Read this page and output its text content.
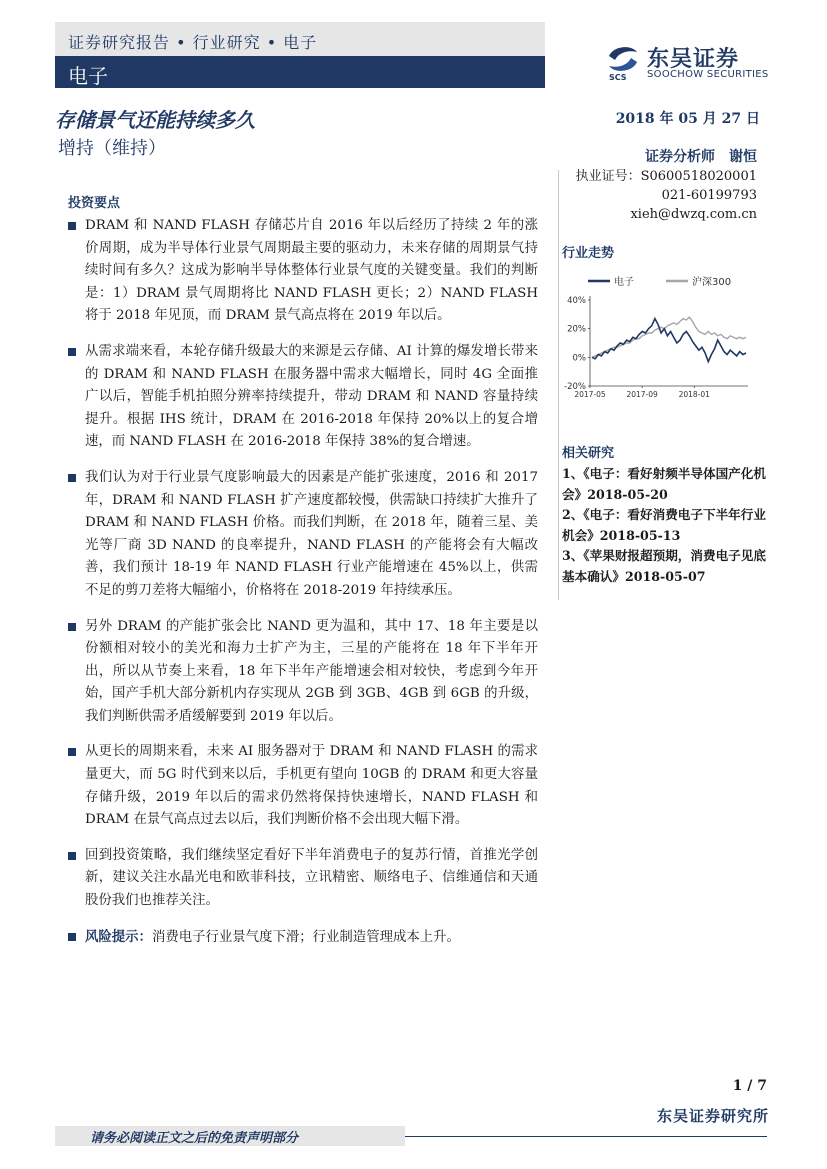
证券研究报告 • 行业研究 • 电子
电子	SCS
东吴证券
SOOCHOW SECURITIES
存储景气还能持续多久
增持（维持）
2018 年 05 月 27 日
证券分析师 谢恒
执业证号：S0600518020001
021-60199793
xieh@dwzq.com.cn
投资要点
DRAM 和 NAND FLASH 存储芯片自 2016 年以后经历了持续 2 年的涨价周期，成为半导体行业景气周期最主要的驱动力，未来存储的周期景气持续时间有多久？这成为影响半导体整体行业景气度的关键变量。我们的判断是：1）DRAM 景气周期将比 NAND FLASH 更长；2）NAND FLASH 将于 2018 年见顶，而 DRAM 景气高点将在 2019 年以后。
从需求端来看，本轮存储升级最大的来源是云存储、AI 计算的爆发增长带来的 DRAM 和 NAND FLASH 在服务器中需求大幅增长，同时 4G 全面推广以后，智能手机拍照分辨率持续提升，带动 DRAM 和 NAND 容量持续提升。根据 IHS 统计，DRAM 在 2016-2018 年保持 20%以上的复合增速，而 NAND FLASH 在 2016-2018 年保持 38%的复合增速。
我们认为对于行业景气度影响最大的因素是产能扩张速度，2016 和 2017 年，DRAM 和 NAND FLASH 扩产速度都较慢，供需缺口持续扩大推升了 DRAM 和 NAND FLASH 价格。而我们判断，在 2018 年，随着三星、美光等厂商 3D NAND 的良率提升，NAND FLASH 的产能将会有大幅改善，我们预计 18-19 年 NAND FLASH 行业产能增速在 45%以上，供需不足的剪刀差将大幅缩小，价格将在 2018-2019 年持续承压。
另外 DRAM 的产能扩张会比 NAND 更为温和，其中 17、18 年主要是以份额相对较小的美光和海力士扩产为主，三星的产能将在 18 年下半年开出，所以从节奏上来看，18 年下半年产能增速会相对较快，考虑到今年开始，国产手机大部分新机内存实现从 2GB 到 3GB、4GB 到 6GB 的升级，我们判断供需矛盾缓解要到 2019 年以后。
从更长的周期来看，未来 AI 服务器对于 DRAM 和 NAND FLASH 的需求量更大，而 5G 时代到来以后，手机更有望向 10GB 的 DRAM 和更大容量存储升级，2019 年以后的需求仍然将保持快速增长，NAND FLASH 和 DRAM 在景气高点过去以后，我们判断价格不会出现大幅下滑。
回到投资策略，我们继续坚定看好下半年消费电子的复苏行情，首推光学创新，建议关注水晶光电和欧菲科技，立讯精密、顺络电子、信维通信和天通股份我们也推荐关注。
风险提示：消费电子行业景气度下滑；行业制造管理成本上升。
行业走势
电子	沪深300
40%
20%
0%
-20%
2017-05	2017-09	2018-01
相关研究
1、《电子：看好射频半导体国产化机会》2018-05-20
2、《电子：看好消费电子下半年行业机会》2018-05-13
3、《苹果财报超预期，消费电子见底基本确认》2018-05-07
1 / 7
东吴证券研究所
请务必阅读正文之后的免责声明部分
